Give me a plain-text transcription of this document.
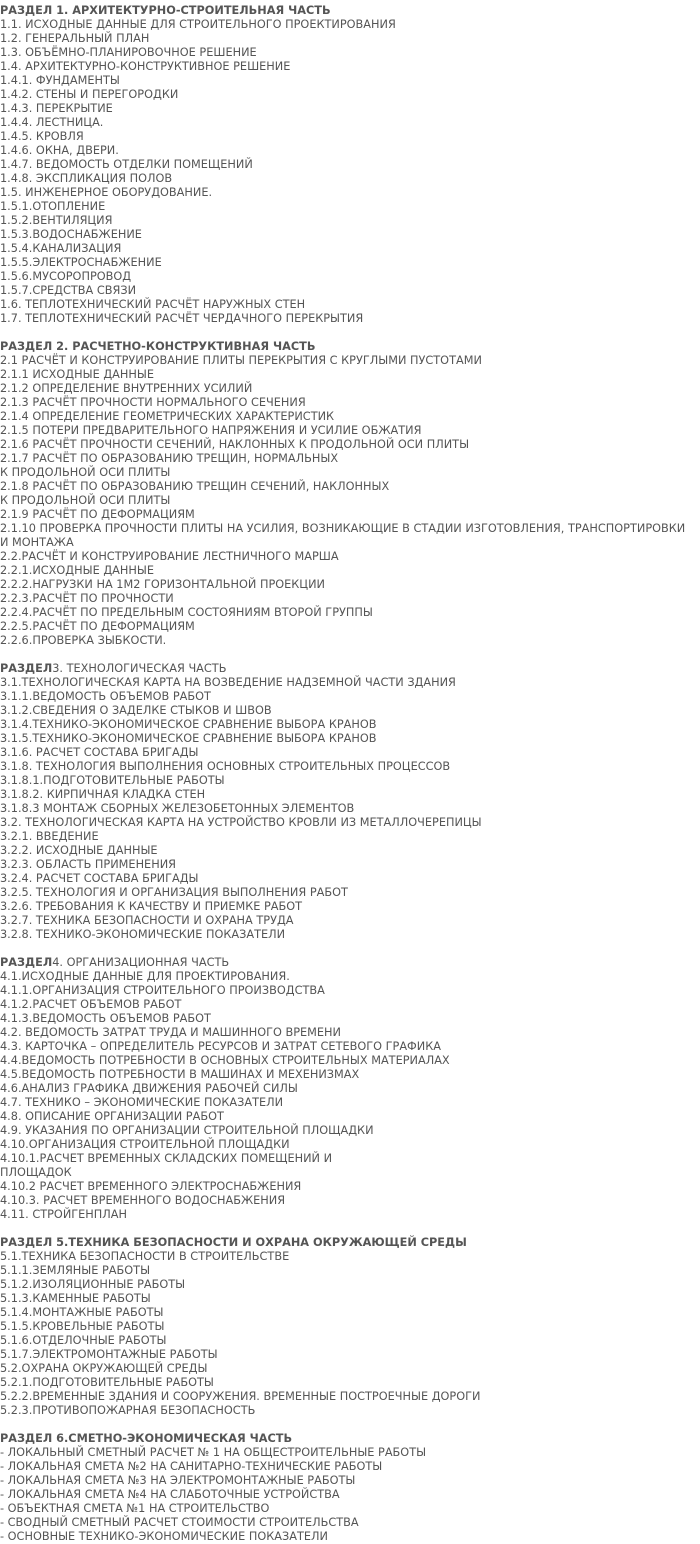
РАЗДЕЛ 1. АРХИТЕКТУРНО-СТРОИТЕЛЬНАЯ ЧАСТЬ
1.1. ИСХОДНЫЕ ДАННЫЕ ДЛЯ СТРОИТЕЛЬНОГО ПРОЕКТИРОВАНИЯ
1.2. ГЕНЕРАЛЬНЫЙ ПЛАН
1.3. ОБЪЁМНО-ПЛАНИРОВОЧНОЕ РЕШЕНИЕ
1.4. АРХИТЕКТУРНО-КОНСТРУКТИВНОЕ РЕШЕНИЕ
1.4.1. ФУНДАМЕНТЫ
1.4.2. СТЕНЫ И ПЕРЕГОРОДКИ
1.4.3. ПЕРЕКРЫТИЕ
1.4.4. ЛЕСТНИЦА.
1.4.5. КРОВЛЯ
1.4.6. ОКНА, ДВЕРИ.
1.4.7. ВЕДОМОСТЬ ОТДЕЛКИ ПОМЕЩЕНИЙ
1.4.8. ЭКСПЛИКАЦИЯ ПОЛОВ
1.5. ИНЖЕНЕРНОЕ ОБОРУДОВАНИЕ.
1.5.1.ОТОПЛЕНИЕ
1.5.2.ВЕНТИЛЯЦИЯ
1.5.3.ВОДОСНАБЖЕНИЕ
1.5.4.КАНАЛИЗАЦИЯ
1.5.5.ЭЛЕКТРОСНАБЖЕНИЕ
1.5.6.МУСОРОПРОВОД
1.5.7.СРЕДСТВА СВЯЗИ
1.6. ТЕПЛОТЕХНИЧЕСКИЙ РАСЧЁТ НАРУЖНЫХ СТЕН
1.7. ТЕПЛОТЕХНИЧЕСКИЙ РАСЧЁТ ЧЕРДАЧНОГО ПЕРЕКРЫТИЯ
РАЗДЕЛ 2. РАСЧЕТНО-КОНСТРУКТИВНАЯ ЧАСТЬ
2.1 РАСЧЁТ И КОНСТРУИРОВАНИЕ ПЛИТЫ ПЕРЕКРЫТИЯ С КРУГЛЫМИ ПУСТОТАМИ
2.1.1 ИСХОДНЫЕ ДАННЫЕ
2.1.2 ОПРЕДЕЛЕНИЕ ВНУТРЕННИХ УСИЛИЙ
2.1.3 РАСЧЁТ ПРОЧНОСТИ НОРМАЛЬНОГО СЕЧЕНИЯ
2.1.4 ОПРЕДЕЛЕНИЕ ГЕОМЕТРИЧЕСКИХ ХАРАКТЕРИСТИК
2.1.5 ПОТЕРИ ПРЕДВАРИТЕЛЬНОГО НАПРЯЖЕНИЯ И УСИЛИЕ ОБЖАТИЯ
2.1.6 РАСЧЁТ ПРОЧНОСТИ СЕЧЕНИЙ, НАКЛОННЫХ К ПРОДОЛЬНОЙ ОСИ ПЛИТЫ
2.1.7 РАСЧЁТ ПО ОБРАЗОВАНИЮ ТРЕЩИН, НОРМАЛЬНЫХ
К ПРОДОЛЬНОЙ ОСИ ПЛИТЫ
2.1.8 РАСЧЁТ ПО ОБРАЗОВАНИЮ ТРЕЩИН СЕЧЕНИЙ, НАКЛОННЫХ
К ПРОДОЛЬНОЙ ОСИ ПЛИТЫ
2.1.9 РАСЧЁТ ПО ДЕФОРМАЦИЯМ
2.1.10 ПРОВЕРКА ПРОЧНОСТИ ПЛИТЫ НА УСИЛИЯ, ВОЗНИКАЮЩИЕ В СТАДИИ ИЗГОТОВЛЕНИЯ, ТРАНСПОРТИРОВКИ И МОНТАЖА
2.2.РАСЧЁТ И КОНСТРУИРОВАНИЕ ЛЕСТНИЧНОГО МАРША
2.2.1.ИСХОДНЫЕ ДАННЫЕ
2.2.2.НАГРУЗКИ НА 1М2 ГОРИЗОНТАЛЬНОЙ ПРОЕКЦИИ
2.2.3.РАСЧЁТ ПО ПРОЧНОСТИ
2.2.4.РАСЧЁТ ПО ПРЕДЕЛЬНЫМ СОСТОЯНИЯМ ВТОРОЙ ГРУППЫ
2.2.5.РАСЧЁТ ПО ДЕФОРМАЦИЯМ
2.2.6.ПРОВЕРКА ЗЫБКОСТИ.
РАЗДЕЛ3. ТЕХНОЛОГИЧЕСКАЯ ЧАСТЬ
3.1.ТЕХНОЛОГИЧЕСКАЯ КАРТА НА ВОЗВЕДЕНИЕ НАДЗЕМНОЙ ЧАСТИ ЗДАНИЯ
3.1.1.ВЕДОМОСТЬ ОБЪЕМОВ РАБОТ
3.1.2.СВЕДЕНИЯ О ЗАДЕЛКЕ СТЫКОВ И ШВОВ
3.1.4.ТЕХНИКО-ЭКОНОМИЧЕСКОЕ СРАВНЕНИЕ ВЫБОРА КРАНОВ
3.1.5.ТЕХНИКО-ЭКОНОМИЧЕСКОЕ СРАВНЕНИЕ ВЫБОРА КРАНОВ
3.1.6. РАСЧЕТ СОСТАВА БРИГАДЫ
3.1.8. ТЕХНОЛОГИЯ ВЫПОЛНЕНИЯ ОСНОВНЫХ СТРОИТЕЛЬНЫХ ПРОЦЕССОВ
3.1.8.1.ПОДГОТОВИТЕЛЬНЫЕ РАБОТЫ
3.1.8.2. КИРПИЧНАЯ КЛАДКА СТЕН
3.1.8.3 МОНТАЖ СБОРНЫХ ЖЕЛЕЗОБЕТОННЫХ ЭЛЕМЕНТОВ
3.2. ТЕХНОЛОГИЧЕСКАЯ КАРТА НА УСТРОЙСТВО КРОВЛИ ИЗ МЕТАЛЛОЧЕРЕПИЦЫ
3.2.1. ВВЕДЕНИЕ
3.2.2. ИСХОДНЫЕ ДАННЫЕ
3.2.3. ОБЛАСТЬ ПРИМЕНЕНИЯ
3.2.4. РАСЧЕТ СОСТАВА БРИГАДЫ
3.2.5. ТЕХНОЛОГИЯ И ОРГАНИЗАЦИЯ ВЫПОЛНЕНИЯ РАБОТ
3.2.6. ТРЕБОВАНИЯ К КАЧЕСТВУ И ПРИЕМКЕ РАБОТ
3.2.7. ТЕХНИКА БЕЗОПАСНОСТИ И ОХРАНА ТРУДА
3.2.8. ТЕХНИКО-ЭКОНОМИЧЕСКИЕ ПОКАЗАТЕЛИ
РАЗДЕЛ4. ОРГАНИЗАЦИОННАЯ ЧАСТЬ
4.1.ИСХОДНЫЕ ДАННЫЕ ДЛЯ ПРОЕКТИРОВАНИЯ.
4.1.1.ОРГАНИЗАЦИЯ СТРОИТЕЛЬНОГО ПРОИЗВОДСТВА
4.1.2.РАСЧЕТ ОБЪЕМОВ РАБОТ
4.1.3.ВЕДОМОСТЬ ОБЪЕМОВ РАБОТ
4.2. ВЕДОМОСТЬ ЗАТРАТ ТРУДА И МАШИННОГО ВРЕМЕНИ
4.3. КАРТОЧКА – ОПРЕДЕЛИТЕЛЬ РЕСУРСОВ И ЗАТРАТ СЕТЕВОГО ГРАФИКА
4.4.ВЕДОМОСТЬ ПОТРЕБНОСТИ В ОСНОВНЫХ СТРОИТЕЛЬНЫХ МАТЕРИАЛАХ
4.5.ВЕДОМОСТЬ ПОТРЕБНОСТИ В МАШИНАХ И МЕХЕНИЗМАХ
4.6.АНАЛИЗ ГРАФИКА ДВИЖЕНИЯ РАБОЧЕЙ СИЛЫ
4.7. ТЕХНИКО – ЭКОНОМИЧЕСКИЕ ПОКАЗАТЕЛИ
4.8. ОПИСАНИЕ ОРГАНИЗАЦИИ РАБОТ
4.9. УКАЗАНИЯ ПО ОРГАНИЗАЦИИ СТРОИТЕЛЬНОЙ ПЛОЩАДКИ
4.10.ОРГАНИЗАЦИЯ СТРОИТЕЛЬНОЙ ПЛОЩАДКИ
4.10.1.РАСЧЕТ ВРЕМЕННЫХ СКЛАДСКИХ ПОМЕЩЕНИЙ И
ПЛОЩАДОК
4.10.2 РАСЧЕТ ВРЕМЕННОГО ЭЛЕКТРОСНАБЖЕНИЯ
4.10.3. РАСЧЕТ ВРЕМЕННОГО ВОДОСНАБЖЕНИЯ
4.11. СТРОЙГЕНПЛАН
РАЗДЕЛ 5.ТЕХНИКА БЕЗОПАСНОСТИ И ОХРАНА ОКРУЖАЮЩЕЙ СРЕДЫ
5.1.ТЕХНИКА БЕЗОПАСНОСТИ В СТРОИТЕЛЬСТВЕ
5.1.1.ЗЕМЛЯНЫЕ РАБОТЫ
5.1.2.ИЗОЛЯЦИОННЫЕ РАБОТЫ
5.1.3.КАМЕННЫЕ РАБОТЫ
5.1.4.МОНТАЖНЫЕ РАБОТЫ
5.1.5.КРОВЕЛЬНЫЕ РАБОТЫ
5.1.6.ОТДЕЛОЧНЫЕ РАБОТЫ
5.1.7.ЭЛЕКТРОМОНТАЖНЫЕ РАБОТЫ
5.2.ОХРАНА ОКРУЖАЮЩЕЙ СРЕДЫ
5.2.1.ПОДГОТОВИТЕЛЬНЫЕ РАБОТЫ
5.2.2.ВРЕМЕННЫЕ ЗДАНИЯ И СООРУЖЕНИЯ. ВРЕМЕННЫЕ ПОСТРОЕЧНЫЕ ДОРОГИ
5.2.3.ПРОТИВОПОЖАРНАЯ БЕЗОПАСНОСТЬ
РАЗДЕЛ 6.СМЕТНО-ЭКОНОМИЧЕСКАЯ ЧАСТЬ
- ЛОКАЛЬНЫЙ СМЕТНЫЙ РАСЧЕТ № 1 НА ОБЩЕСТРОИТЕЛЬНЫЕ РАБОТЫ
- ЛОКАЛЬНАЯ СМЕТА №2 НА САНИТАРНО-ТЕХНИЧЕСКИЕ РАБОТЫ
- ЛОКАЛЬНАЯ СМЕТА №3 НА ЭЛЕКТРОМОНТАЖНЫЕ РАБОТЫ
- ЛОКАЛЬНАЯ СМЕТА №4 НА СЛАБОТОЧНЫЕ УСТРОЙСТВА
- ОБЪЕКТНАЯ СМЕТА №1 НА СТРОИТЕЛЬСТВО
- СВОДНЫЙ СМЕТНЫЙ РАСЧЕТ СТОИМОСТИ СТРОИТЕЛЬСТВА
- ОСНОВНЫЕ ТЕХНИКО-ЭКОНОМИЧЕСКИЕ ПОКАЗАТЕЛИ
